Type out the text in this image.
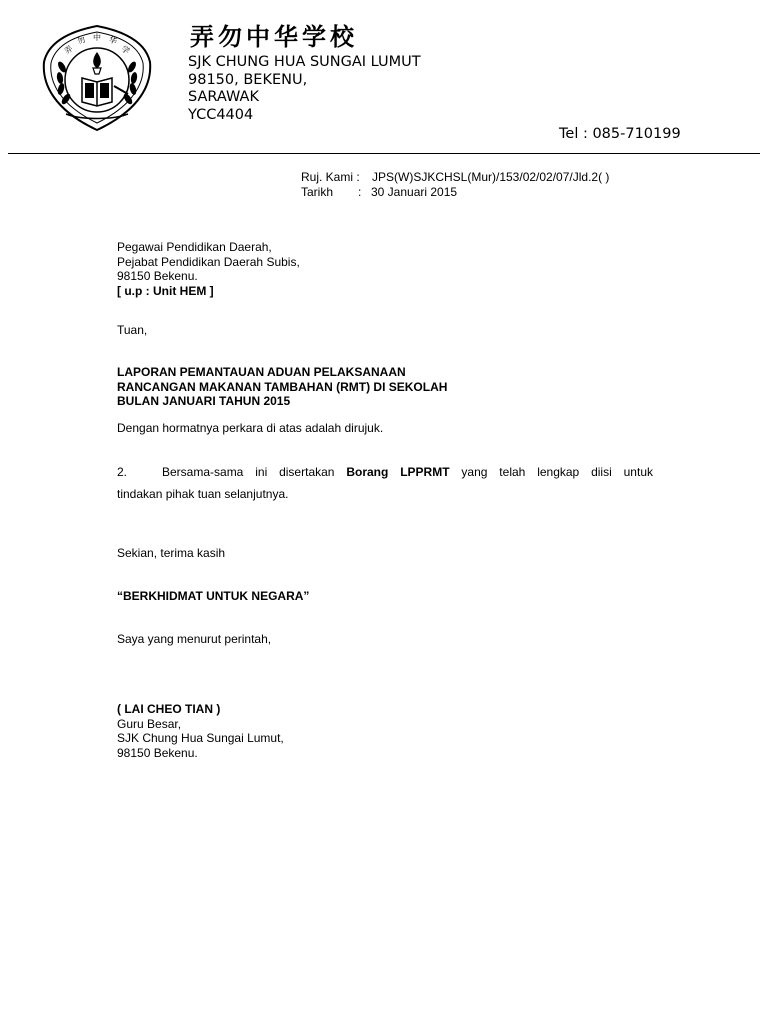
弄
勿 中 华
学 弄勿中华学校
SJK CHUNG HUA SUNGAI LUMUT
98150, BEKENU,
SARAWAK
YCC4404
Tel : 085-710199
Ruj. Kami : JPS(W)SJKCHSL(Mur)/153/02/02/07/Jld.2( )
Tarikh : 30 Januari 2015
Pegawai Pendidikan Daerah,
Pejabat Pendidikan Daerah Subis,
98150 Bekenu.
[ u.p : Unit HEM ]
Tuan,
LAPORAN PEMANTAUAN ADUAN PELAKSANAAN
RANCANGAN MAKANAN TAMBAHAN (RMT) DI SEKOLAH
BULAN JANUARI TAHUN 2015
Dengan hormatnya perkara di atas adalah dirujuk.
2.	Bersama-sama ini disertakan Borang LPPRMT yang telah lengkap diisi untuk
tindakan pihak tuan selanjutnya.
Sekian, terima kasih
“BERKHIDMAT UNTUK NEGARA”
Saya yang menurut perintah,
( LAI CHEO TIAN )
Guru Besar,
SJK Chung Hua Sungai Lumut,
98150 Bekenu.
